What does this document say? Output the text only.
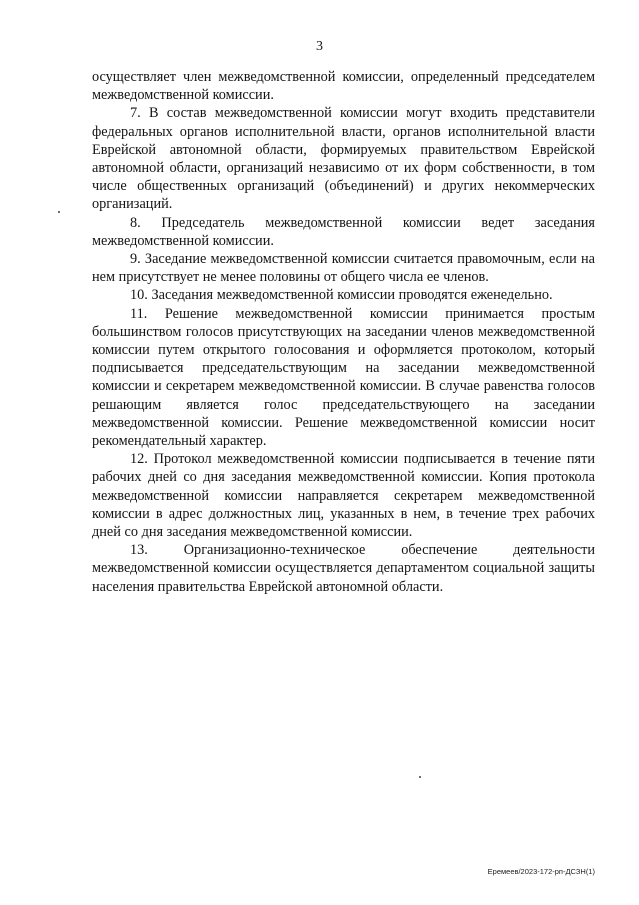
3

осуществляет член межведомственной комиссии, определенный председателем межведомственной комиссии.

7. В состав межведомственной комиссии могут входить представители федеральных органов исполнительной власти, органов исполнительной власти Еврейской автономной области, формируемых правительством Еврейской автономной области, организаций независимо от их форм собственности, в том числе общественных организаций (объединений) и других некоммерческих организаций.

8. Председатель межведомственной комиссии ведет заседания межведомственной комиссии.

9. Заседание межведомственной комиссии считается правомочным, если на нем присутствует не менее половины от общего числа ее членов.

10. Заседания межведомственной комиссии проводятся еженедельно.

11. Решение межведомственной комиссии принимается простым большинством голосов присутствующих на заседании членов межведомственной комиссии путем открытого голосования и оформляется протоколом, который подписывается председательствующим на заседании межведомственной комиссии и секретарем межведомственной комиссии. В случае равенства голосов решающим является голос председательствующего на заседании межведомственной комиссии. Решение межведомственной комиссии носит рекомендательный характер.

12. Протокол межведомственной комиссии подписывается в течение пяти рабочих дней со дня заседания межведомственной комиссии. Копия протокола межведомственной комиссии направляется секретарем межведомственной комиссии в адрес должностных лиц, указанных в нем, в течение трех рабочих дней со дня заседания межведомственной комиссии.

13. Организационно-техническое обеспечение деятельности межведомственной комиссии осуществляется департаментом социальной защиты населения правительства Еврейской автономной области.

Еремеев/2023-172-рп-ДСЗН(1)
